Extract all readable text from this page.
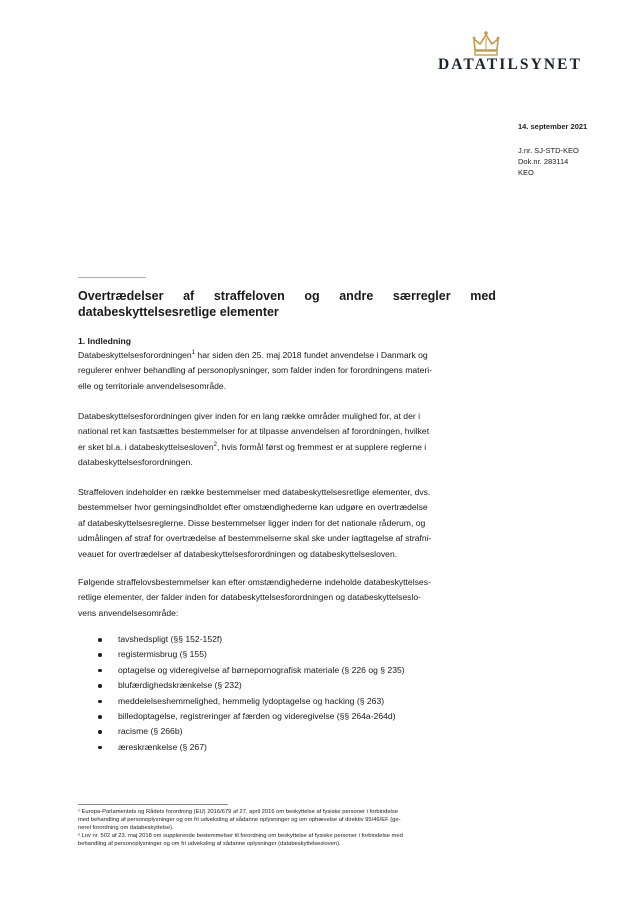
DATATILSYNET
14. september 2021
J.nr. SJ-STD-KEO
Dok.nr. 283114
KEO
Overtrædelser af straffeloven og andre særregler med
databeskyttelsesretlige elementer
1. Indledning
Databeskyttelsesforordningen$^1$ har siden den 25. maj 2018 fundet anvendelse i Danmark og
regulerer enhver behandling af personoplysninger, som falder inden for forordningens materi-
elle og territoriale anvendelsesområde.
Databeskyttelsesforordningen giver inden for en lang række områder mulighed for, at der i
national ret kan fastsættes bestemmelser for at tilpasse anvendelsen af forordningen, hvilket
er sket bl.a. i databeskyttelsesloven$^2$, hvis formål først og fremmest er at supplere reglerne i
databeskyttelsesforordningen.
Straffeloven indeholder en række bestemmelser med databeskyttelsesretlige elementer, dvs.
bestemmelser hvor gerningsindholdet efter omstændighederne kan udgøre en overtrædelse
af databeskyttelsesreglerne. Disse bestemmelser ligger inden for det nationale råderum, og
udmålingen af straf for overtrædelse af bestemmelserne skal ske under iagttagelse af strafni-
veauet for overtrædelser af databeskyttelsesforordningen og databeskyttelsesloven.
Følgende straffelovsbestemmelser kan efter omstændighederne indeholde databeskyttelses-
retlige elementer, der falder inden for databeskyttelsesforordningen og databeskyttelseslo-
vens anvendelsesområde:
tavshedspligt (§§ 152-152f)
registermisbrug (§ 155)
optagelse og videregivelse af børnepornografisk materiale (§ 226 og § 235)
blufærdighedskrænkelse (§ 232)
meddelelseshemmelighed, hemmelig lydoptagelse og hacking (§ 263)
billedoptagelse, registreringer af færden og videregivelse (§§ 264a-264d)
racisme (§ 266b)
æreskrænkelse (§ 267)
¹ Europa-Parlamentets og Rådets forordning (EU) 2016/679 af 27. april 2016 om beskyttelse af fysiske personer i forbindelse
med behandling af personoplysninger og om fri udveksling af sådanne oplysninger og om ophævelse af direktiv 95/46/EF (ge-
nerel forordning om databeskyttelse).
² Lov nr. 502 af 23. maj 2018 om supplerende bestemmelser til forordning om beskyttelse af fysiske personer i forbindelse med
behandling af personoplysninger og om fri udveksling af sådanne oplysninger (databeskyttelsesloven).
